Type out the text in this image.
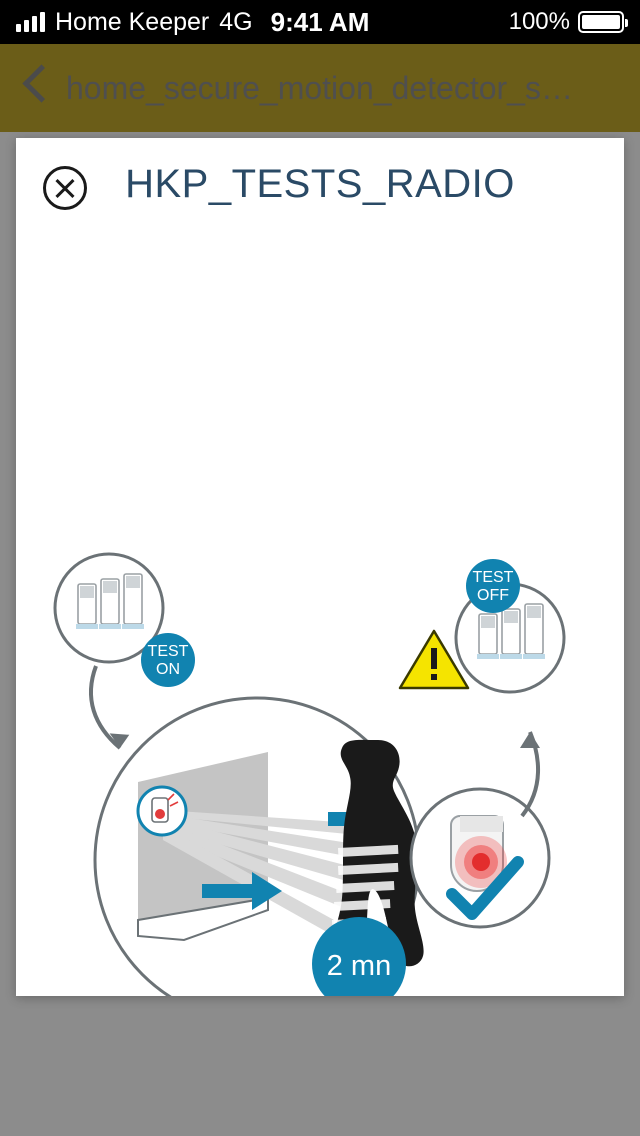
Home Keeper 4G 9:41 AM	100%
home_secure_motion_detector_s…
HKP_TESTS_RADIO
TEST
ON
2 mn
TEST
OFF
